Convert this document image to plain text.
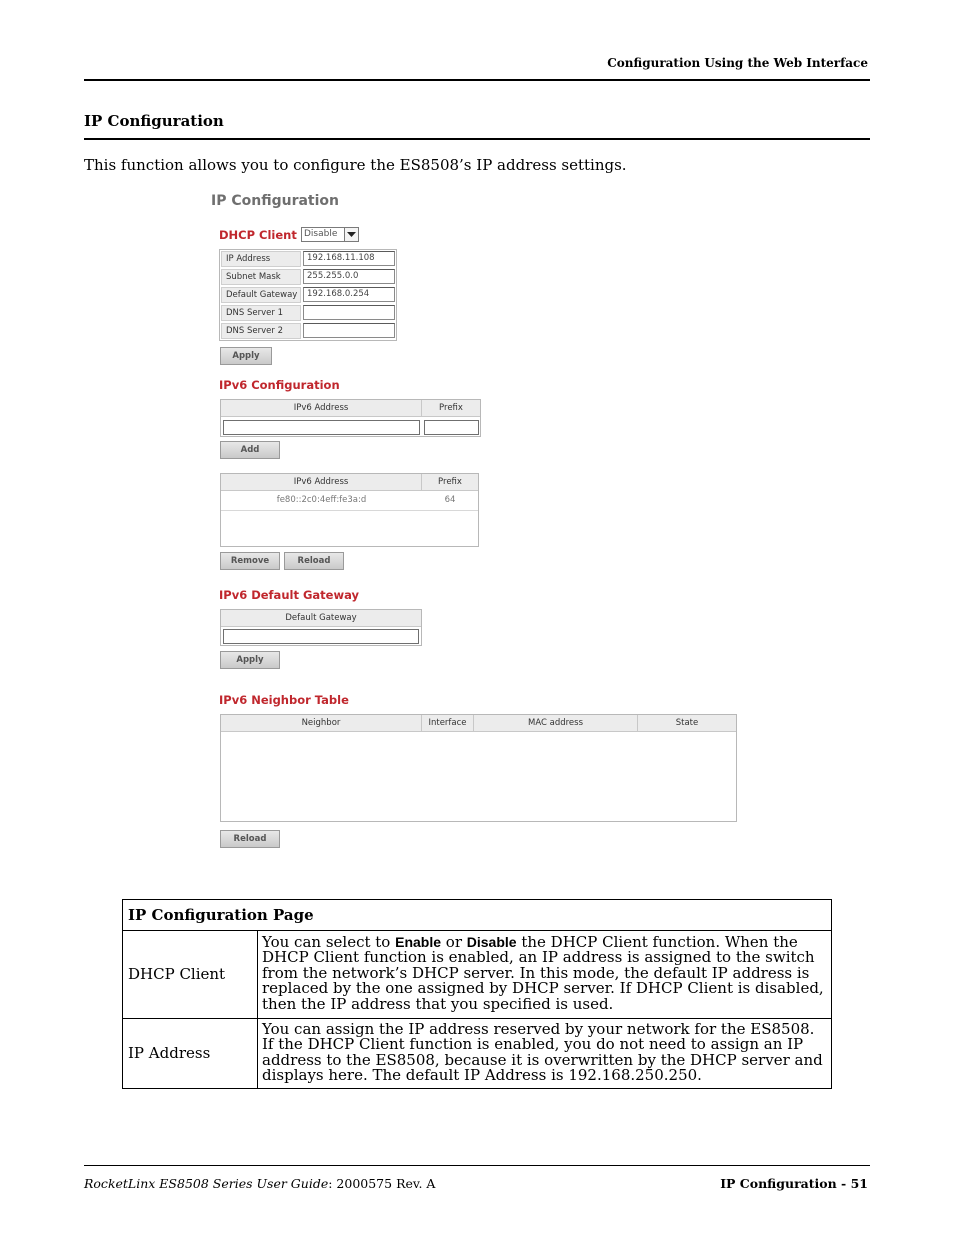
Configuration Using the Web Interface
IP Configuration
This function allows you to configure the ES8508’s IP address settings.
IP Configuration
DHCP Client Disable
IP Address	192.168.11.108
Subnet Mask	255.255.0.0
Default Gateway	192.168.0.254
DNS Server 1
DNS Server 2
Apply
IPv6 Configuration
IPv6 Address	Prefix
Add
IPv6 Address	Prefix
fe80::2c0:4eff:fe3a:d	64
Remove	Reload
IPv6 Default Gateway
Default Gateway
Apply
IPv6 Neighbor Table
Neighbor	Interface	MAC address	State
Reload
IP Configuration Page	
DHCP Client	You can select to Enable or Disable the DHCP Client function. When the DHCP Client function is enabled, an IP address is assigned to the switch from the network’s DHCP server. In this mode, the default IP address is replaced by the one assigned by DHCP server. If DHCP Client is disabled, then the IP address that you specified is used.
IP Address	You can assign the IP address reserved by your network for the ES8508. If the DHCP Client function is enabled, you do not need to assign an IP address to the ES8508, because it is overwritten by the DHCP server and displays here. The default IP Address is 192.168.250.250.
RocketLinx ES8508 Series User Guide: 2000575 Rev. A	IP Configuration - 51
